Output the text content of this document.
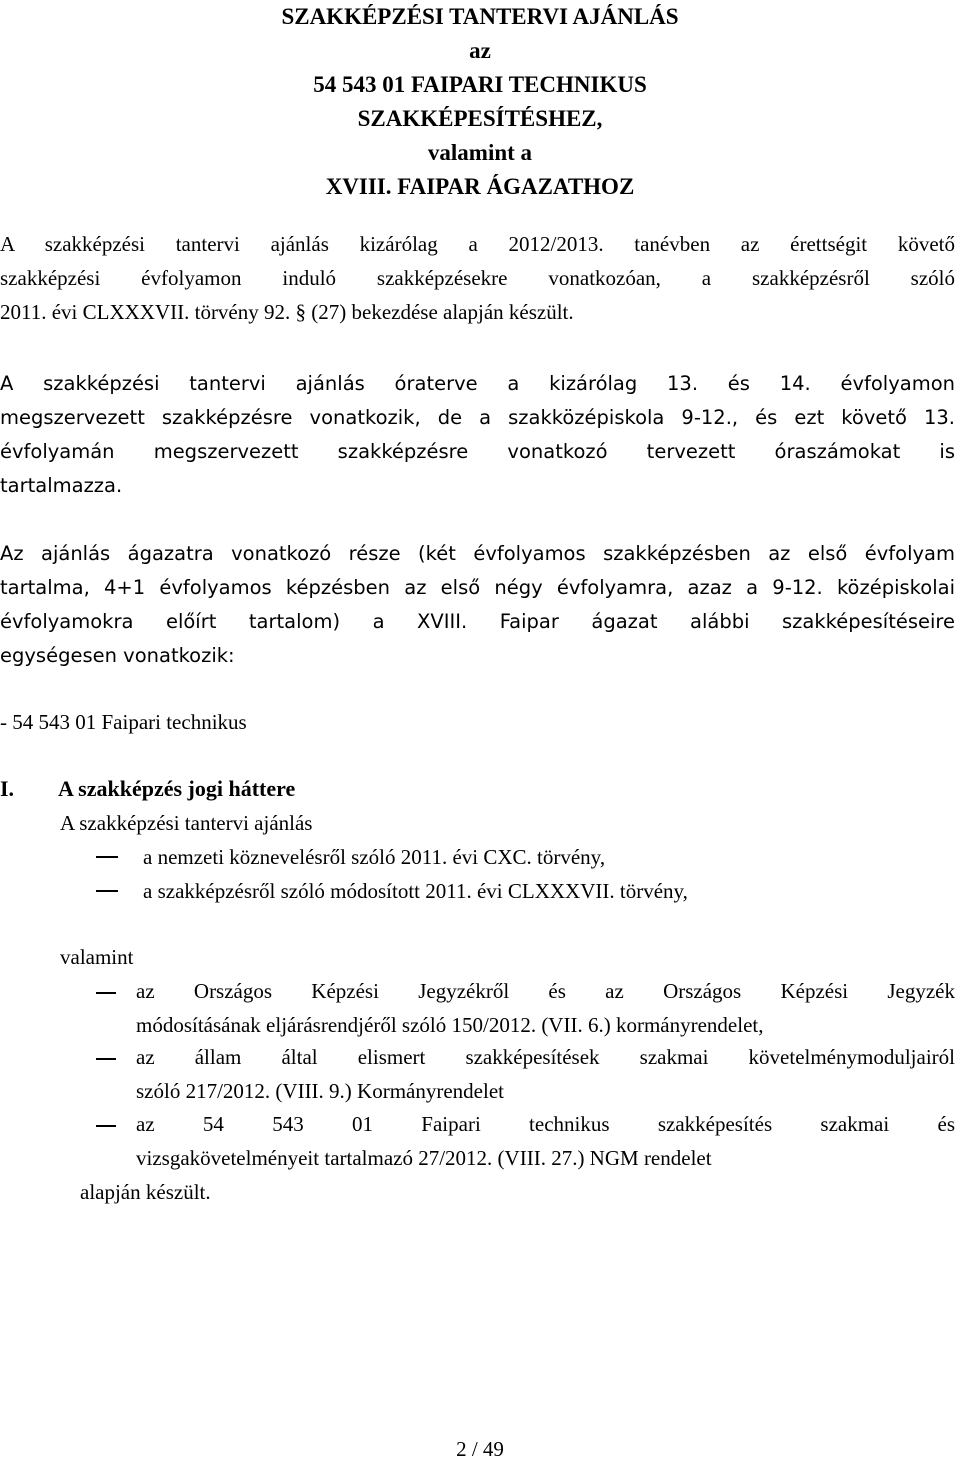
SZAKKÉPZÉSI TANTERVI AJÁNLÁS
az
54 543 01 FAIPARI TECHNIKUS
SZAKKÉPESÍTÉSHEZ,
valamint a
XVIII. FAIPAR ÁGAZATHOZ
A szakképzési tantervi ajánlás kizárólag a 2012/2013. tanévben az érettségit követő
szakképzési évfolyamon induló szakképzésekre vonatkozóan, a szakképzésről szóló
2011. évi CLXXXVII. törvény 92. § (27) bekezdése alapján készült.
A szakképzési tantervi ajánlás óraterve a kizárólag 13. és 14. évfolyamon
megszervezett szakképzésre vonatkozik, de a szakközépiskola 9-12., és ezt követő 13.
évfolyamán megszervezett szakképzésre vonatkozó tervezett óraszámokat is
tartalmazza.
Az ajánlás ágazatra vonatkozó része (két évfolyamos szakképzésben az első évfolyam
tartalma, 4+1 évfolyamos képzésben az első négy évfolyamra, azaz a 9-12. középiskolai
évfolyamokra előírt tartalom) a XVIII. Faipar ágazat alábbi szakképesítéseire
egységesen vonatkozik:
- 54 543 01 Faipari technikus
I. A szakképzés jogi háttere
A szakképzési tantervi ajánlás
a nemzeti köznevelésről szóló 2011. évi CXC. törvény,
a szakképzésről szóló módosított 2011. évi CLXXXVII. törvény,
valamint
az Országos Képzési Jegyzékről és az Országos Képzési Jegyzék
módosításának eljárásrendjéről szóló 150/2012. (VII. 6.) kormányrendelet,
az állam által elismert szakképesítések szakmai követelménymoduljairól
szóló 217/2012. (VIII. 9.) Kormányrendelet
az 54 543 01 Faipari technikus szakképesítés szakmai és
vizsgakövetelményeit tartalmazó 27/2012. (VIII. 27.) NGM rendelet
alapján készült.
2 / 49
